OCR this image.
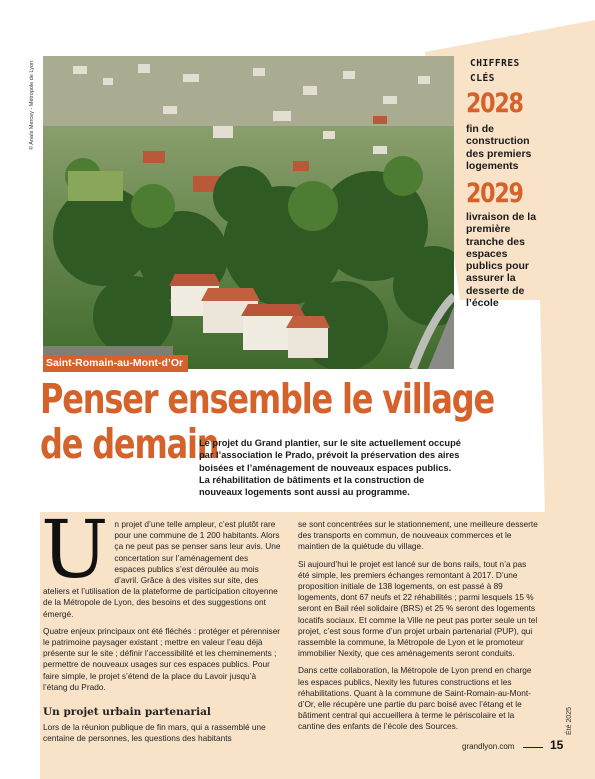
© Anaïs Mercey - Métropole de Lyon
Saint-Romain-au-Mont-d’Or
CHIFFRES CLÉS
2028
fin de construction des premiers logements
2029
livraison de la première tranche des espaces publics pour assurer la desserte de l’école
Penser ensemble le village
de demain
Le projet du Grand plantier, sur le site actuellement occupé par l’association le Prado, prévoit la préservation des aires boisées et l’aménagement de nouveaux espaces publics. La réhabilitation de bâtiments et la construction de nouveaux logements sont aussi au programme.

Un projet d’une telle ampleur, c’est plutôt rare pour une commune de 1 200 habitants. Alors ça ne peut pas se penser sans leur avis. Une concertation sur l’aménagement des espaces publics s’est déroulée au mois d’avril. Grâce à des visites sur site, des ateliers et l’utilisation de la plateforme de participation citoyenne de la Métropole de Lyon, des besoins et des suggestions ont émergé.

Quatre enjeux principaux ont été fléchés : protéger et pérenniser le patrimoine paysager existant ; mettre en valeur l’eau déjà présente sur le site ; définir l’accessibilité et les cheminements ; permettre de nouveaux usages sur ces espaces publics. Pour faire simple, le projet s’étend de la place du Lavoir jusqu’à l’étang du Prado.

Un projet urbain partenarial

Lors de la réunion publique de fin mars, qui a rassemblé une centaine de personnes, les questions des habitants

se sont concentrées sur le stationnement, une meilleure desserte des transports en commun, de nouveaux commerces et le maintien de la quiétude du village.

Si aujourd’hui le projet est lancé sur de bons rails, tout n’a pas été simple, les premiers échanges remontant à 2017. D’une proposition initiale de 138 logements, on est passé à 89 logements, dont 67 neufs et 22 réhabilités ; parmi lesquels 15 % seront en Bail réel solidaire (BRS) et 25 % seront des logements locatifs sociaux. Et comme la Ville ne peut pas porter seule un tel projet, c’est sous forme d’un projet urbain partenarial (PUP), qui rassemble la commune, la Métropole de Lyon et le promoteur immobilier Nexity, que ces aménagements seront conduits.

Dans cette collaboration, la Métropole de Lyon prend en charge les espaces publics, Nexity les futures constructions et les réhabilitations. Quant à la commune de Saint-Romain-au-Mont-d’Or, elle récupère une partie du parc boisé avec l’étang et le bâtiment central qui accueillera à terme le périscolaire et la cantine des enfants de l’école des Sources.	Été 2025
grandlyon.com	15
